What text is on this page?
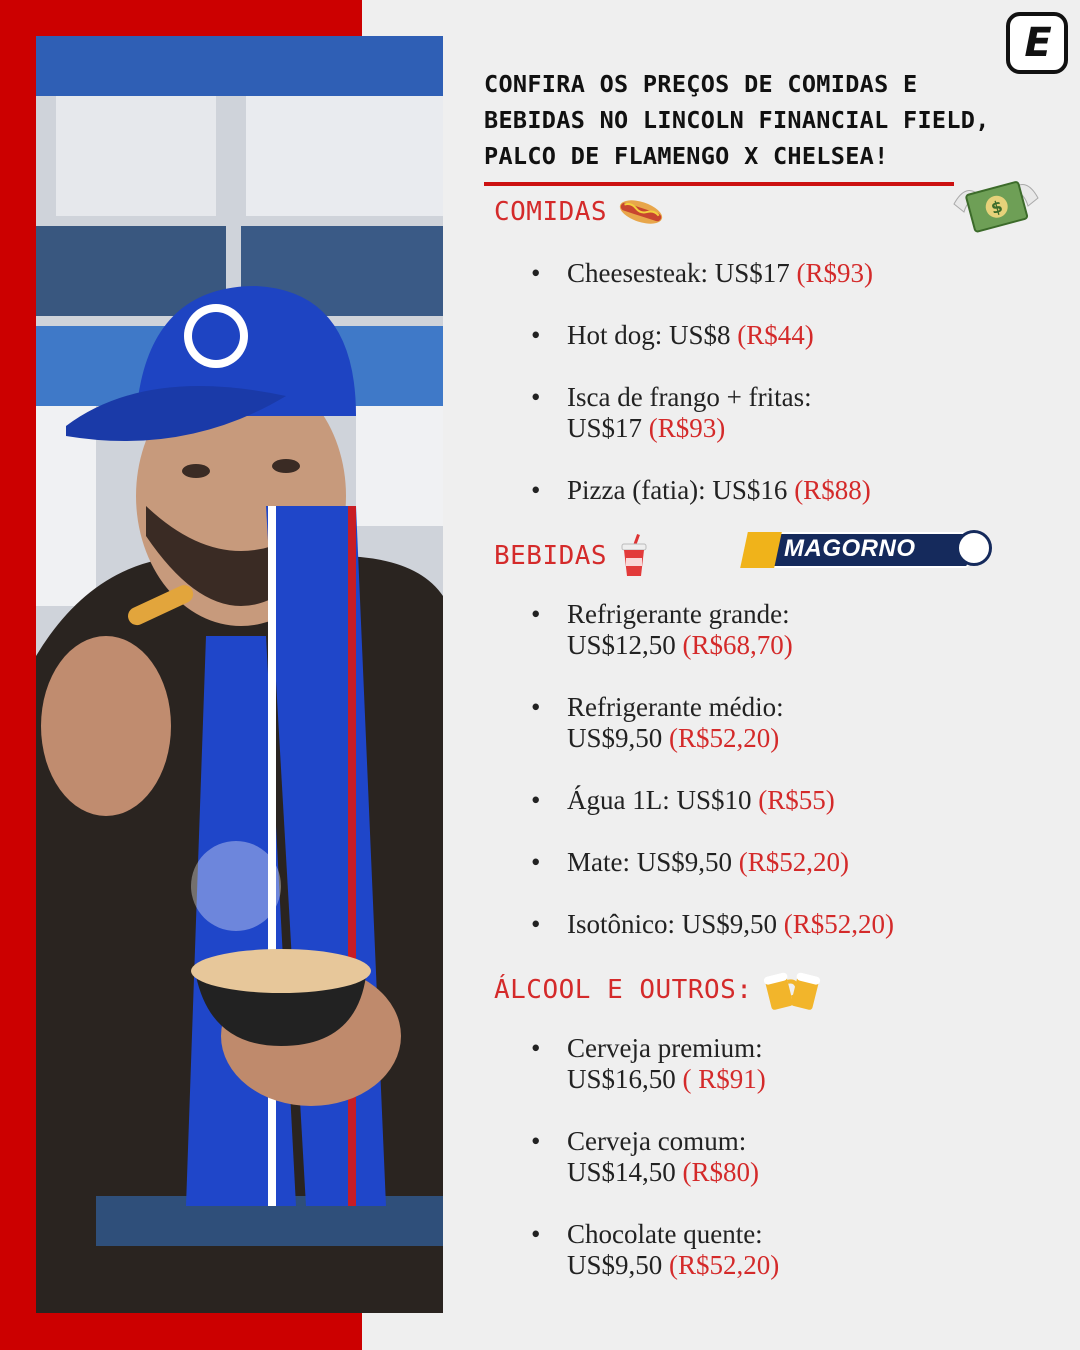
E
CONFIRA OS PREÇOS DE COMIDAS E
BEBIDAS NO LINCOLN FINANCIAL FIELD,
PALCO DE FLAMENGO X CHELSEA!
$
COMIDAS
• Cheesesteak: US$17 (R$93)
• Hot dog: US$8 (R$44)
• Isca de frango + fritas:
US$17 (R$93)
• Pizza (fatia): US$16 (R$88)
BEBIDAS	MAGORNO
• Refrigerante grande:
US$12,50 (R$68,70)
• Refrigerante médio:
US$9,50 (R$52,20)
• Água 1L: US$10 (R$55)
• Mate: US$9,50 (R$52,20)
• Isotônico: US$9,50 (R$52,20)
ÁLCOOL E OUTROS:
• Cerveja premium:
US$16,50 ( R$91)
• Cerveja comum:
US$14,50 (R$80)
• Chocolate quente:
US$9,50 (R$52,20)
